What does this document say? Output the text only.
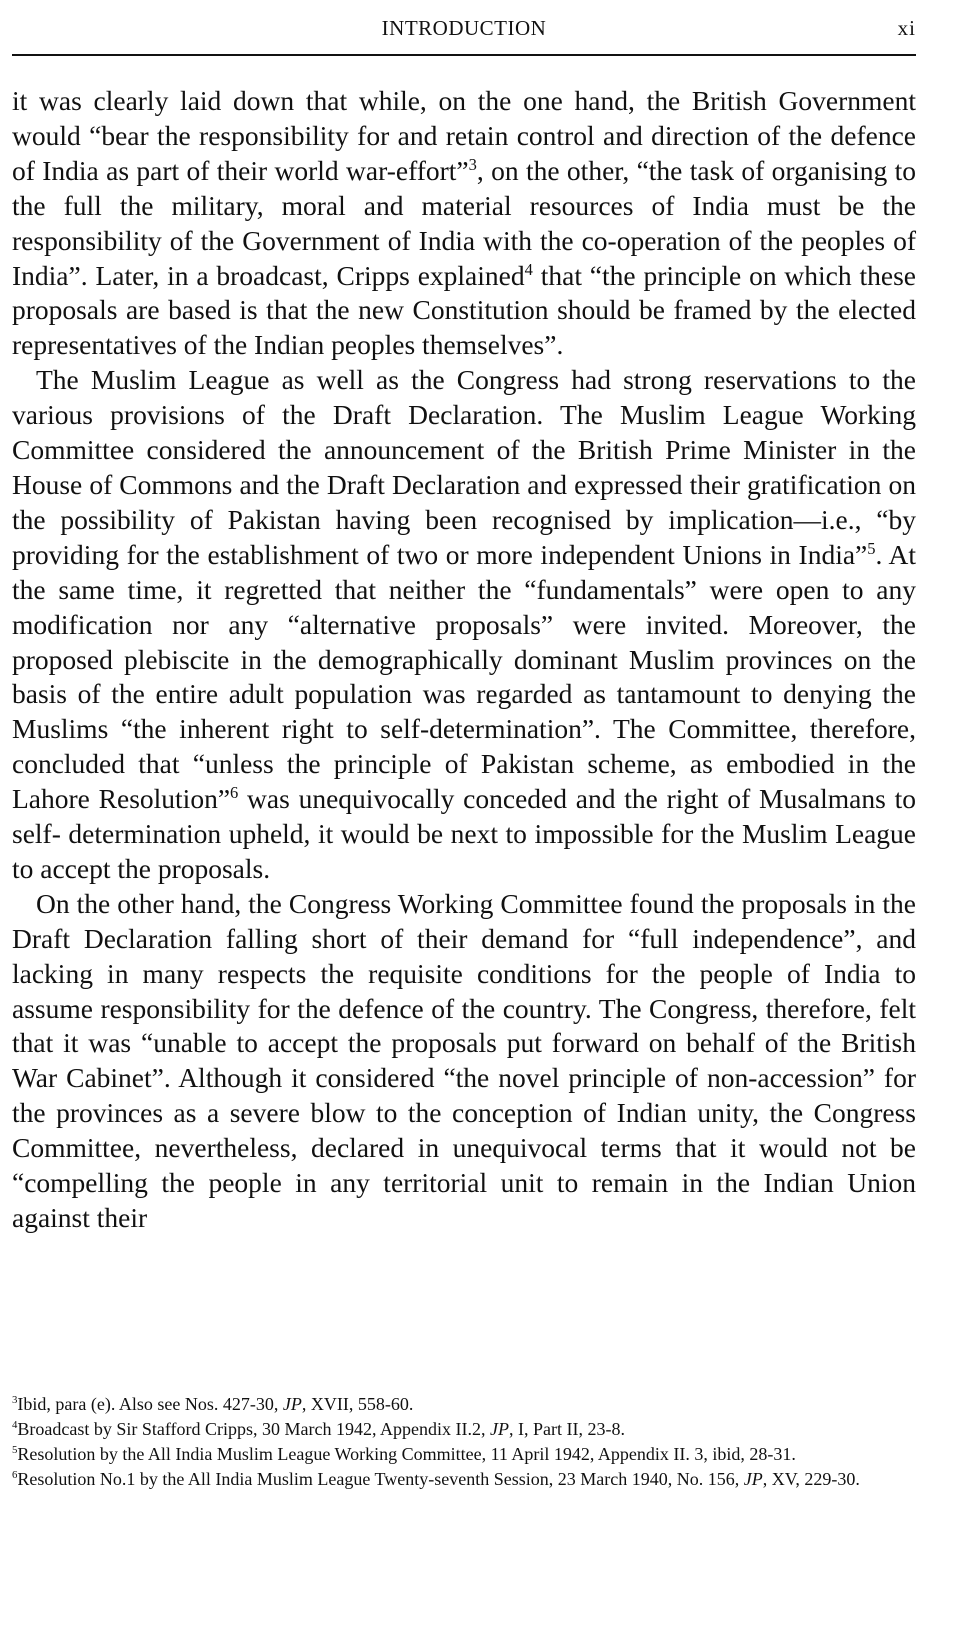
INTRODUCTION	xi

it was clearly laid down that while, on the one hand, the British Government would “bear the responsibility for and retain control and direction of the defence of India as part of their world war-effort”$^3$, on the other, “the task of organising to the full the military, moral and material resources of India must be the responsibility of the Government of India with the co-operation of the peoples of India”. Later, in a broadcast, Cripps explained$^4$ that “the principle on which these proposals are based is that the new Constitution should be framed by the elected representatives of the Indian peoples themselves”.

The Muslim League as well as the Congress had strong reservations to the various provisions of the Draft Declaration. The Muslim League Working Committee considered the announcement of the British Prime Minister in the House of Commons and the Draft Declaration and expressed their gratification on the possibility of Pakistan having been recognised by implication—i.e., “by providing for the establishment of two or more independent Unions in India”$^5$. At the same time, it regretted that neither the “fundamentals” were open to any modification nor any “alternative proposals” were invited. Moreover, the proposed plebiscite in the demographically dominant Muslim provinces on the basis of the entire adult population was regarded as tantamount to denying the Muslims “the inherent right to self-determination”. The Committee, therefore, concluded that “unless the principle of Pakistan scheme, as embodied in the Lahore Resolution”$^6$ was unequivocally conceded and the right of Musalmans to self- determination upheld, it would be next to impossible for the Muslim League to accept the proposals.

On the other hand, the Congress Working Committee found the proposals in the Draft Declaration falling short of their demand for “full independence”, and lacking in many respects the requisite conditions for the people of India to assume responsibility for the defence of the country. The Congress, therefore, felt that it was “unable to accept the proposals put forward on behalf of the British War Cabinet”. Although it considered “the novel principle of non-accession” for the provinces as a severe blow to the conception of Indian unity, the Congress Committee, nevertheless, declared in unequivocal terms that it would not be “compelling the people in any territorial unit to remain in the Indian Union against their

$^3$Ibid, para (e). Also see Nos. 427-30, JP, XVII, 558-60.

$^4$Broadcast by Sir Stafford Cripps, 30 March 1942, Appendix II.2, JP, I, Part II, 23-8.

$^5$Resolution by the All India Muslim League Working Committee, 11 April 1942, Appendix II. 3, ibid, 28-31.

$^6$Resolution No.1 by the All India Muslim League Twenty-seventh Session, 23 March 1940, No. 156, JP, XV, 229-30.
